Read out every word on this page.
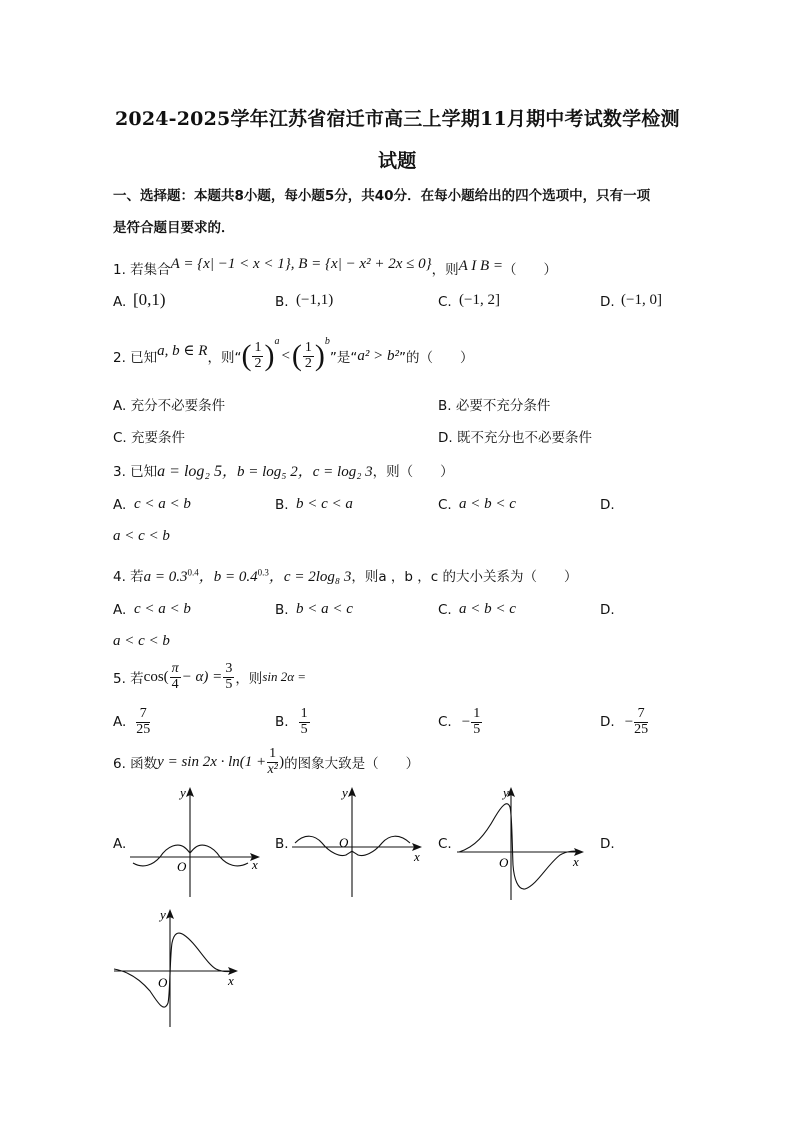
2024-2025学年江苏省宿迁市高三上学期11月期中考试数学检测
试题
一、选择题：本题共8小题，每小题5分，共40分．在每小题给出的四个选项中，只有一项
是符合题目要求的．
1. 若集合A = {x| −1 < x < 1}, B = {x| − x² + 2x ≤ 0}，则A I B =（　　）
A. [0,1)	B. (−1,1)	C. (−1, 2]	D. (−1, 0]
2. 已知 a, b ∈ R ，则“ ( $\frac{1}{2} )^a$
< ( $\frac{1}{2} )^b$
”是“ a² > b² ”的（　　）
A. 充分不必要条件	B. 必要不充分条件
C. 充要条件	D. 既不充分也不必要条件
3. 已知a = log₂ 5，b = log₅ 2，c = log₂ 3，则（　　）
A. c < a < b	B. b < c < a	C. a < b < c	D.
a < c < b
4. 若$a = 0.3^{0.4}$，$b = 0.4^{0.3}$，c = 2log₈ 3，则a ，b ，c 的大小关系为（　　）
A. c < a < b	B. b < a < c	C. a < b < c	D.
a < c < b
5. 若 $\cos( \frac{\pi}{4} - \alpha) = \frac{3}{5}$ ，则 sin 2α =
A. $\frac{7}{25}$	B. $\frac{1}{5}$	C. − $\frac{1}{5}$	D. − $\frac{7}{25}$
6. 函数 $y = \sin 2x \cdot \ln(1 + \frac{1}{\text{x²}}$ ) 的图象大致是（　　）
A.	B.	C.	D.
y
x
O
y
x
O
y
x
O
y
x
O
